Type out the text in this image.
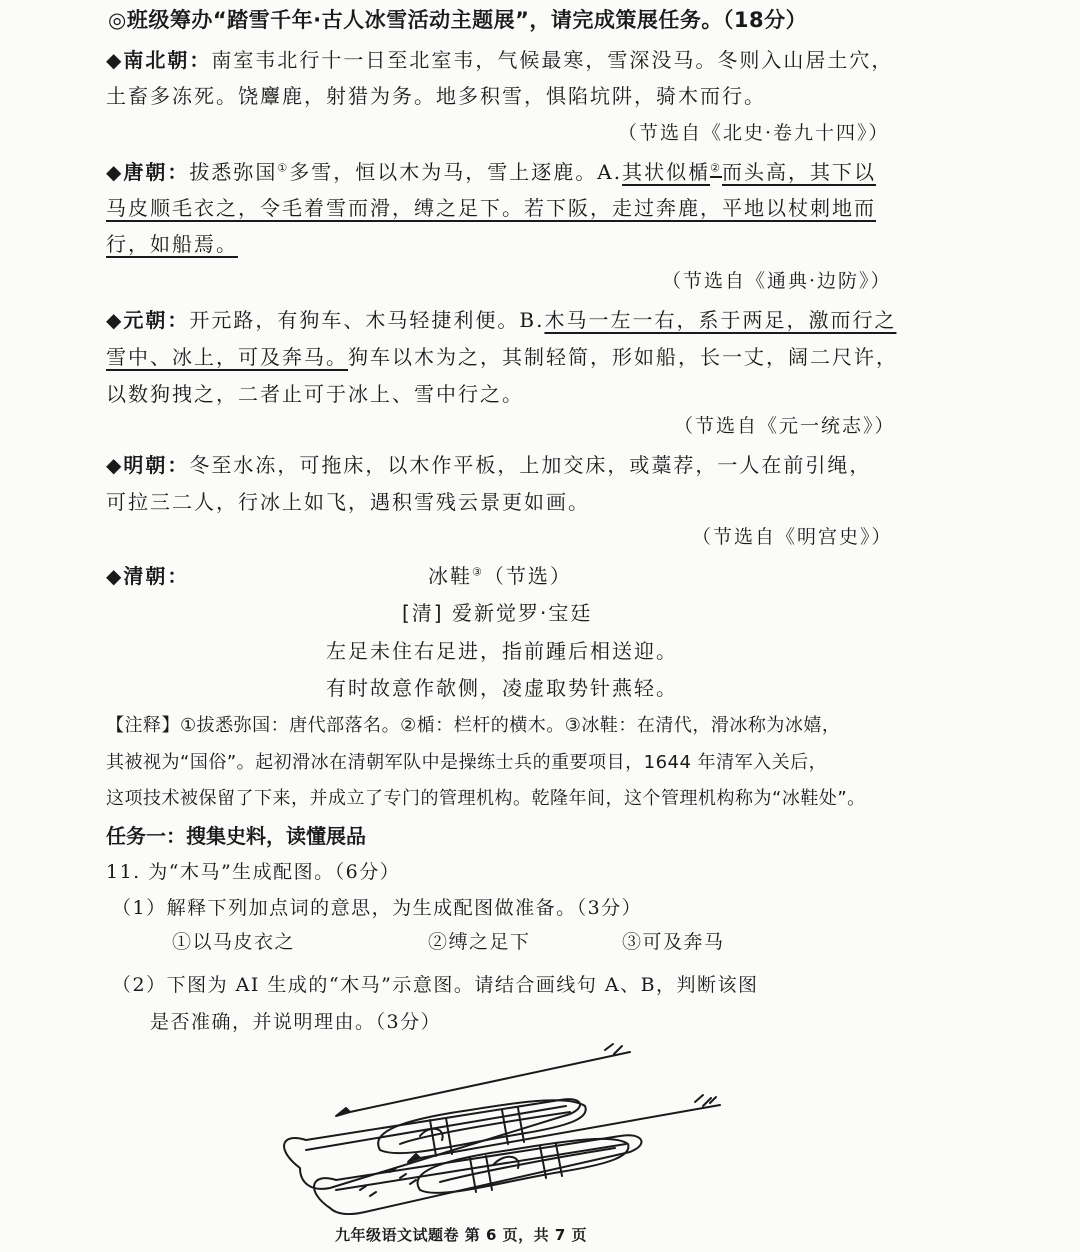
◎班级筹办“踏雪千年·古人冰雪活动主题展”，请完成策展任务。（18分）
◆南北朝：南室韦北行十一日至北室韦，气候最寒，雪深没马。冬则入山居土穴，
土畜多冻死。饶麞鹿，射猎为务。地多积雪，惧陷坑阱，骑木而行。
（节选自《北史·卷九十四》）
◆唐朝：拔悉弥国①多雪，恒以木为马，雪上逐鹿。A.其状似楯②而头高，其下以
马皮顺毛衣之，令毛着雪而滑，缚之足下。若下阪，走过奔鹿，平地以杖刺地而
行，如船焉。
（节选自《通典·边防》）
◆元朝：开元路，有狗车、木马轻捷利便。B.木马一左一右，系于两足，激而行之
雪中、冰上，可及奔马。狗车以木为之，其制轻简，形如船，长一丈，阔二尺许，
以数狗拽之，二者止可于冰上、雪中行之。
（节选自《元一统志》）
◆明朝：冬至水冻，可拖床，以木作平板，上加交床，或藁荐，一人在前引绳，
可拉三二人，行冰上如飞，遇积雪残云景更如画。
（节选自《明宫史》）
◆清朝：	冰鞋③（节选）
[清] 爱新觉罗·宝廷
左足未住右足进，指前踵后相送迎。
有时故意作欹侧，凌虚取势针燕轻。
【注释】①拔悉弥国：唐代部落名。②楯：栏杆的横木。③冰鞋：在清代，滑冰称为冰嬉，
其被视为“国俗”。起初滑冰在清朝军队中是操练士兵的重要项目，1644 年清军入关后，
这项技术被保留了下来，并成立了专门的管理机构。乾隆年间，这个管理机构称为“冰鞋处”。
任务一：搜集史料，读懂展品
11. 为“木马”生成配图。（6分）
（1）解释下列加点词的意思，为生成配图做准备。（3分）
①以马皮衣之	②缚之足下	③可及奔马
（2）下图为 AI 生成的“木马”示意图。请结合画线句 A、B，判断该图
是否准确，并说明理由。（3分）
九年级语文试题卷 第 6 页，共 7 页
